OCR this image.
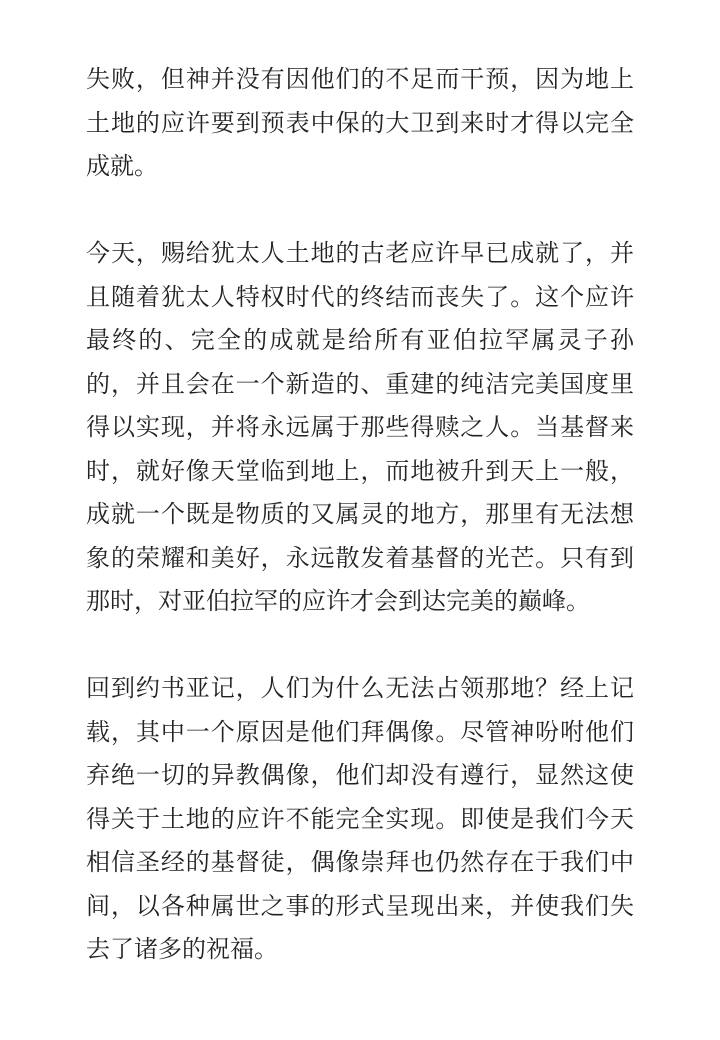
失败，但神并没有因他们的不足而干预，因为地上土地的应许要到预表中保的大卫到来时才得以完全成就。

今天，赐给犹太人土地的古老应许早已成就了，并且随着犹太人特权时代的终结而丧失了。这个应许最终的、完全的成就是给所有亚伯拉罕属灵子孙的，并且会在一个新造的、重建的纯洁完美国度里得以实现，并将永远属于那些得赎之人。当基督来时，就好像天堂临到地上，而地被升到天上一般，成就一个既是物质的又属灵的地方，那里有无法想象的荣耀和美好，永远散发着基督的光芒。只有到那时，对亚伯拉罕的应许才会到达完美的巅峰。

回到约书亚记，人们为什么无法占领那地？经上记载，其中一个原因是他们拜偶像。尽管神吩咐他们弃绝一切的异教偶像，他们却没有遵行，显然这使得关于土地的应许不能完全实现。即使是我们今天相信圣经的基督徒，偶像崇拜也仍然存在于我们中间，以各种属世之事的形式呈现出来，并使我们失去了诸多的祝福。
